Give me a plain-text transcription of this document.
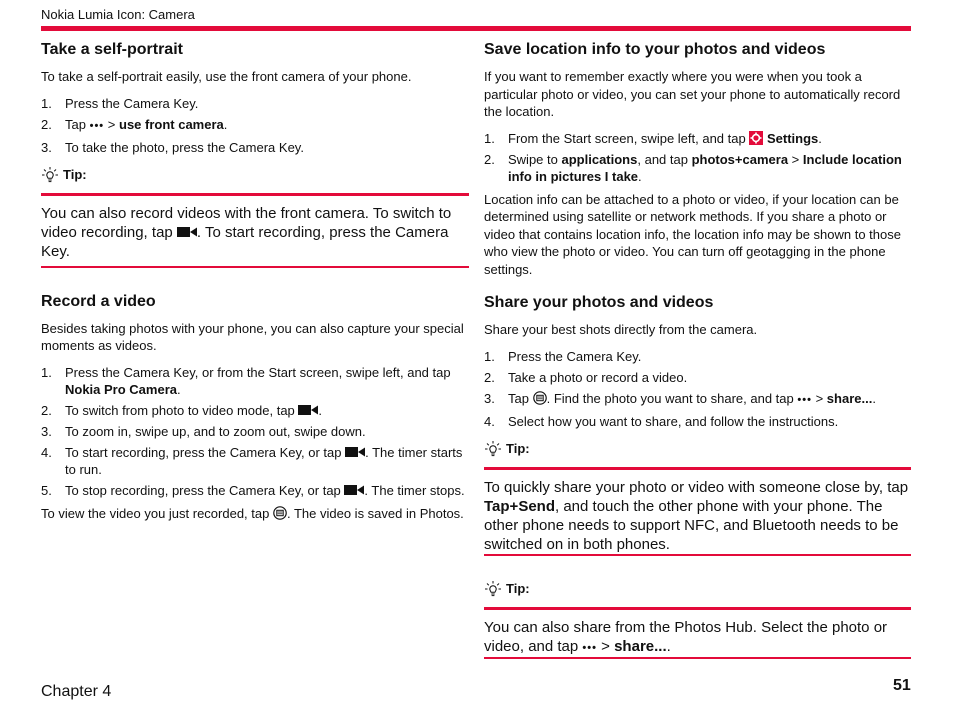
Nokia Lumia Icon: Camera
Take a self-portrait

To take a self-portrait easily, use the front camera of your phone.

1. Press the Camera Key.
2. Tap ••• > use front camera.
3. To take the photo, press the Camera Key.
Tip:

You can also record videos with the front camera. To switch to video recording, tap . To start recording, press the Camera Key.

Record a video

Besides taking photos with your phone, you can also capture your special moments as videos.

1. Press the Camera Key, or from the Start screen, swipe left, and tap Nokia Pro Camera.
2. To switch from photo to video mode, tap .
3. To zoom in, swipe up, and to zoom out, swipe down.
4. To start recording, press the Camera Key, or tap . The timer starts to run.
5. To stop recording, press the Camera Key, or tap . The timer stops.

To view the video you just recorded, tap . The video is saved in Photos.

Save location info to your photos and videos

If you want to remember exactly where you were when you took a particular photo or video, you can set your phone to automatically record the location.

1. From the Start screen, swipe left, and tap Settings.
2. Swipe to applications, and tap photos+camera > Include location info in pictures I take.

Location info can be attached to a photo or video, if your location can be determined using satellite or network methods. If you share a photo or video that contains location info, the location info may be shown to those who view the photo or video. You can turn off geotagging in the phone settings.

Share your photos and videos

Share your best shots directly from the camera.

1. Press the Camera Key.
2. Take a photo or record a video.
3. Tap . Find the photo you want to share, and tap ••• > share....
4. Select how you want to share, and follow the instructions.
Tip:

To quickly share your photo or video with someone close by, tap Tap+Send, and touch the other phone with your phone. The other phone needs to support NFC, and Bluetooth needs to be switched on in both phones.

Tip:

You can also share from the Photos Hub. Select the photo or video, and tap ••• > share....

Chapter 4	51
